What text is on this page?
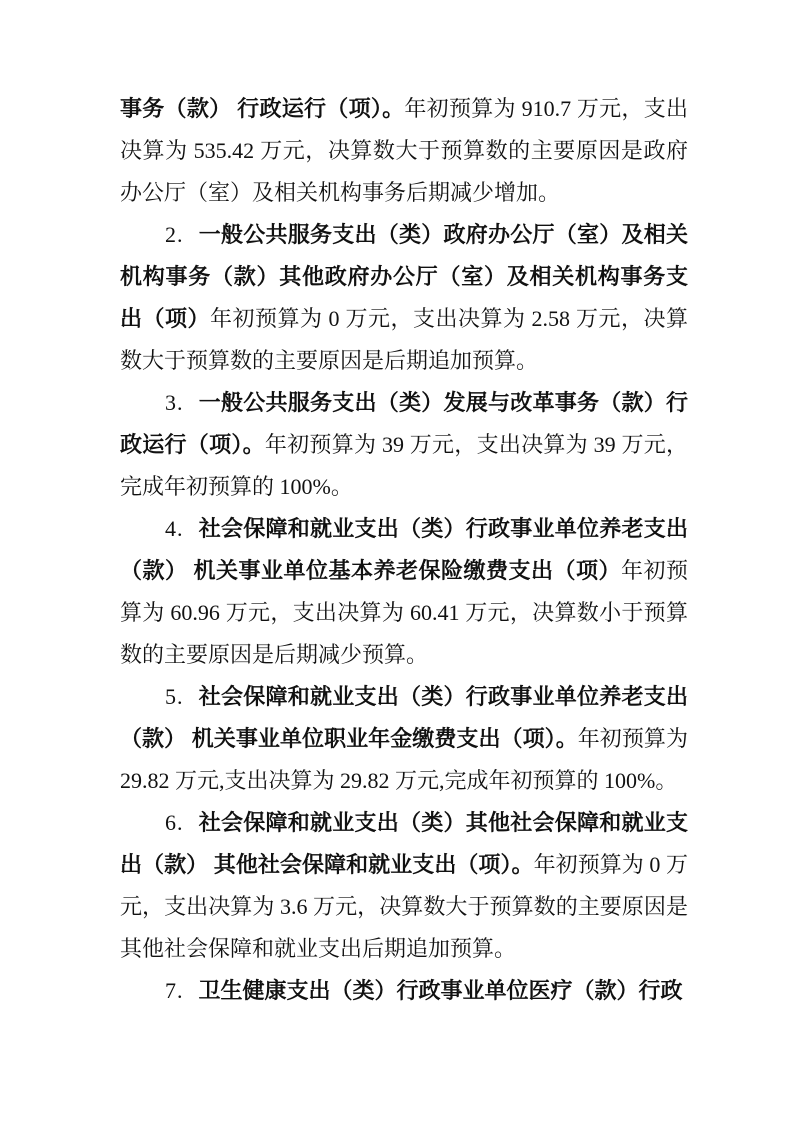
事务（款） 行政运行（项）。年初预算为 910.7 万元，支出决算为 535.42 万元，决算数大于预算数的主要原因是政府办公厅（室）及相关机构事务后期减少增加。

2. 一般公共服务支出（类）政府办公厅（室）及相关机构事务（款）其他政府办公厅（室）及相关机构事务支出（项）年初预算为 0 万元，支出决算为 2.58 万元，决算数大于预算数的主要原因是后期追加预算。

3. 一般公共服务支出（类）发展与改革事务（款）行政运行（项）。年初预算为 39 万元，支出决算为 39 万元，完成年初预算的 100%。

4. 社会保障和就业支出（类）行政事业单位养老支出（款） 机关事业单位基本养老保险缴费支出（项）年初预算为 60.96 万元，支出决算为 60.41 万元，决算数小于预算数的主要原因是后期减少预算。

5. 社会保障和就业支出（类）行政事业单位养老支出（款） 机关事业单位职业年金缴费支出（项）。年初预算为 29.82 万元,支出决算为 29.82 万元,完成年初预算的 100%。

6. 社会保障和就业支出（类）其他社会保障和就业支出（款） 其他社会保障和就业支出（项）。年初预算为 0 万元，支出决算为 3.6 万元，决算数大于预算数的主要原因是其他社会保障和就业支出后期追加预算。

7. 卫生健康支出（类）行政事业单位医疗（款）行政
